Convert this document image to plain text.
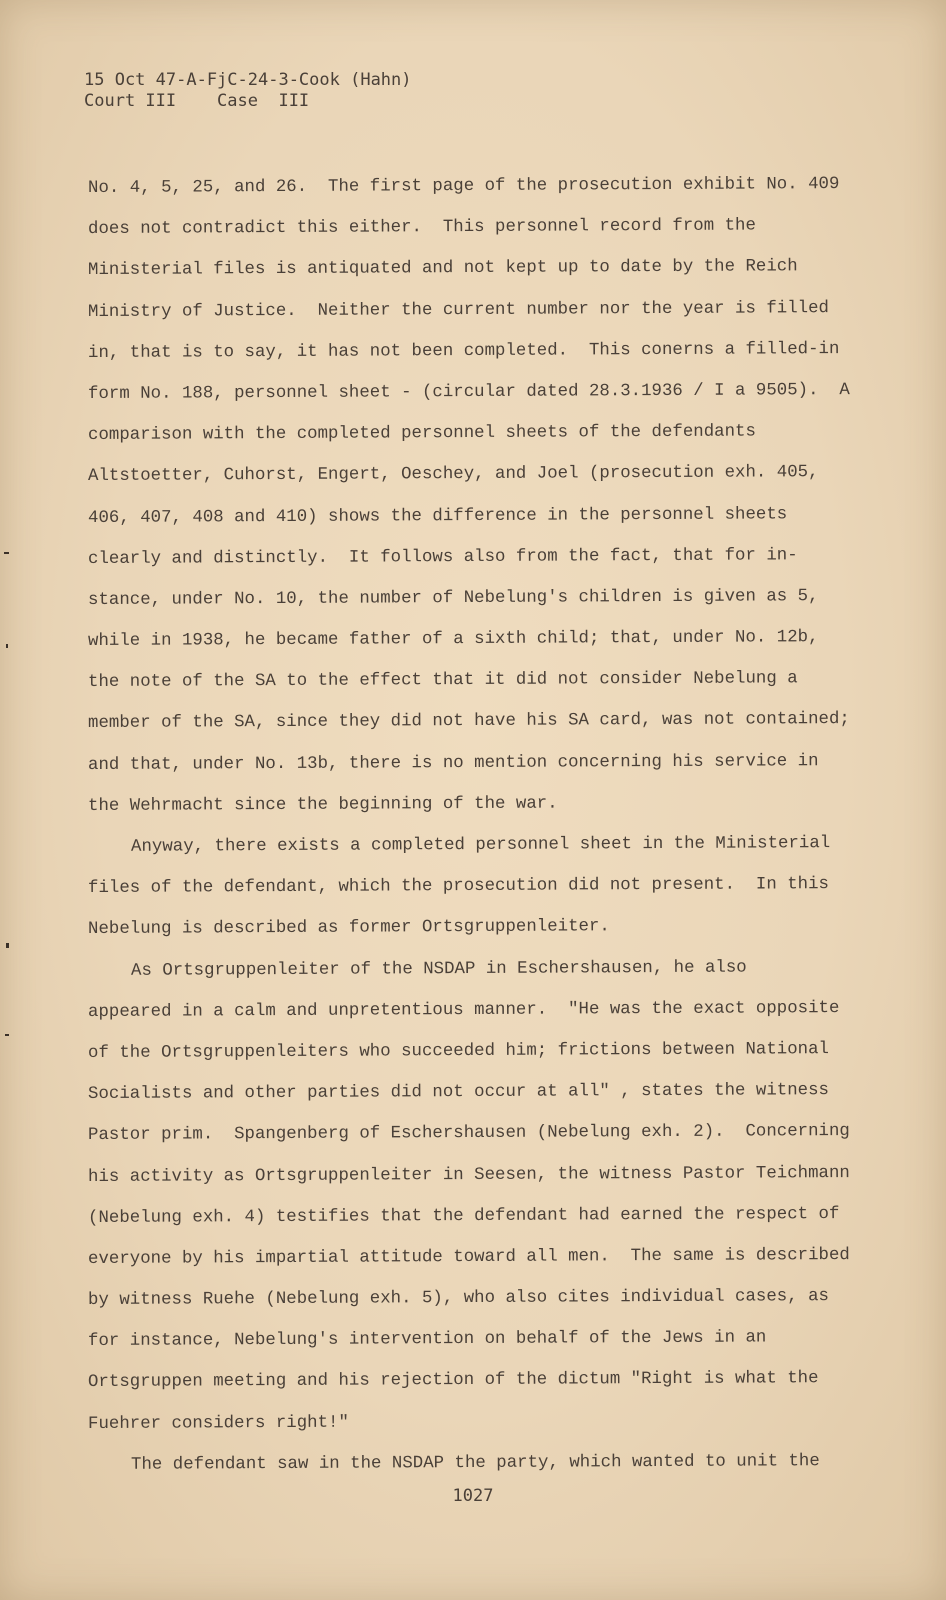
15 Oct 47-A-FjC-24-3-Cook (Hahn)
Court III    Case  III
No. 4, 5, 25, and 26.  The first page of the prosecution exhibit No. 409
does not contradict this either.  This personnel record from the
Ministerial files is antiquated and not kept up to date by the Reich
Ministry of Justice.  Neither the current number nor the year is filled
in, that is to say, it has not been completed.  This conerns a filled-in
form No. 188, personnel sheet - (circular dated 28.3.1936 / I a 9505).  A
comparison with the completed personnel sheets of the defendants
Altstoetter, Cuhorst, Engert, Oeschey, and Joel (prosecution exh. 405,
406, 407, 408 and 410) shows the difference in the personnel sheets
clearly and distinctly.  It follows also from the fact, that for in-
stance, under No. 10, the number of Nebelung's children is given as 5,
while in 1938, he became father of a sixth child; that, under No. 12b,
the note of the SA to the effect that it did not consider Nebelung a
member of the SA, since they did not have his SA card, was not contained;
and that, under No. 13b, there is no mention concerning his service in
the Wehrmacht since the beginning of the war.
Anyway, there exists a completed personnel sheet in the Ministerial
files of the defendant, which the prosecution did not present.  In this
Nebelung is described as former Ortsgruppenleiter.
As Ortsgruppenleiter of the NSDAP in Eschershausen, he also
appeared in a calm and unpretentious manner.  "He was the exact opposite
of the Ortsgruppenleiters who succeeded him; frictions between National
Socialists and other parties did not occur at all" , states the witness
Pastor prim.  Spangenberg of Eschershausen (Nebelung exh. 2).  Concerning
his activity as Ortsgruppenleiter in Seesen, the witness Pastor Teichmann
(Nebelung exh. 4) testifies that the defendant had earned the respect of
everyone by his impartial attitude toward all men.  The same is described
by witness Ruehe (Nebelung exh. 5), who also cites individual cases, as
for instance, Nebelung's intervention on behalf of the Jews in an
Ortsgruppen meeting and his rejection of the dictum "Right is what the
Fuehrer considers right!"
The defendant saw in the NSDAP the party, which wanted to unit the
1027
